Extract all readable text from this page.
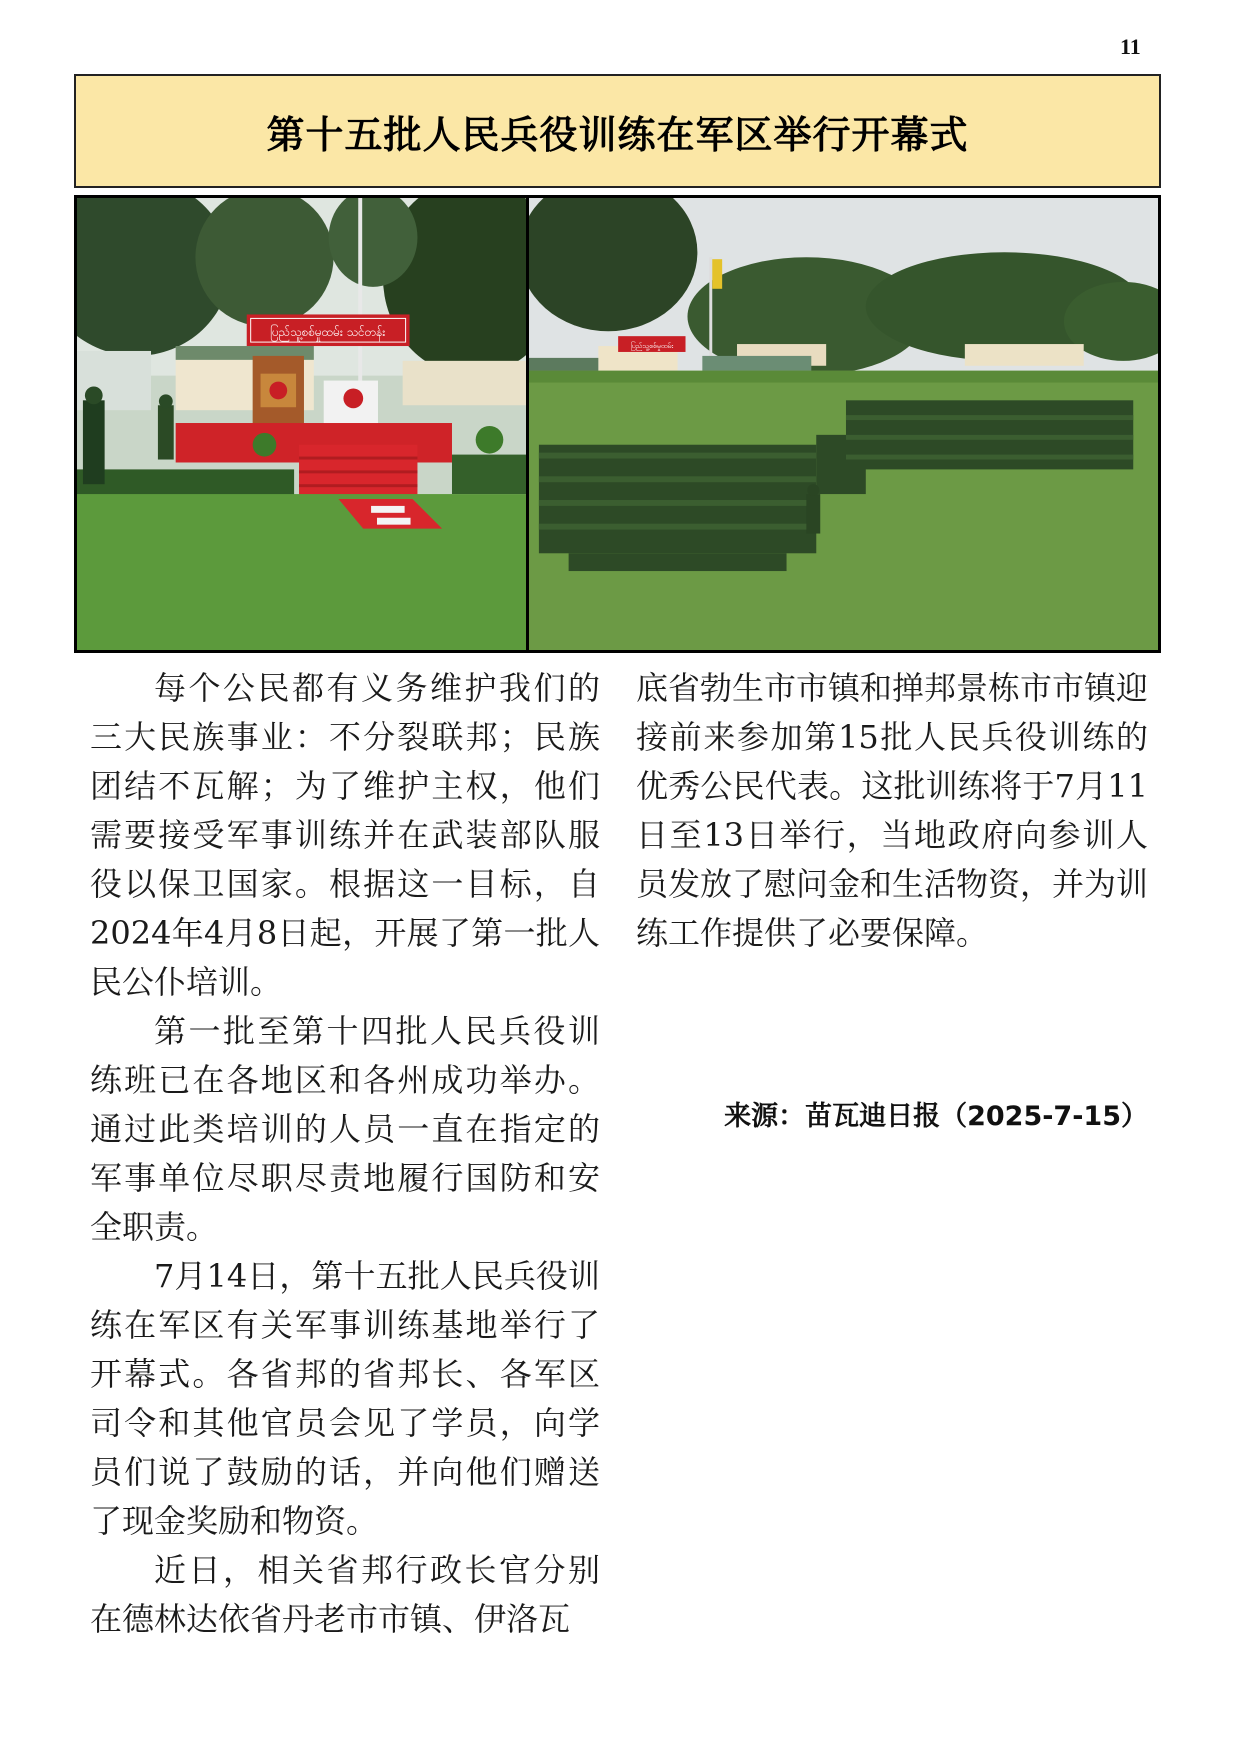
11
第十五批人民兵役训练在军区举行开幕式
ပြည်သူ့စစ်မှုထမ်း သင်တန်း
ပြည်သူ့စစ်မှုထမ်း

每个公民都有义务维护我们的三大民族事业：不分裂联邦；民族团结不瓦解；为了维护主权，他们需要接受军事训练并在武装部队服役以保卫国家。根据这一目标，自2024年4月8日起，开展了第一批人民公仆培训。

第一批至第十四批人民兵役训练班已在各地区和各州成功举办。通过此类培训的人员一直在指定的军事单位尽职尽责地履行国防和安全职责。

7月14日，第十五批人民兵役训练在军区有关军事训练基地举行了开幕式。各省邦的省邦长、各军区司令和其他官员会见了学员，向学员们说了鼓励的话，并向他们赠送了现金奖励和物资。

近日，相关省邦行政长官分别在德林达依省丹老市市镇、伊洛瓦

底省勃生市市镇和掸邦景栋市市镇迎接前来参加第15批人民兵役训练的优秀公民代表。这批训练将于7月11日至13日举行，当地政府向参训人员发放了慰问金和生活物资，并为训练工作提供了必要保障。

来源：苗瓦迪日报（2025-7-15）
